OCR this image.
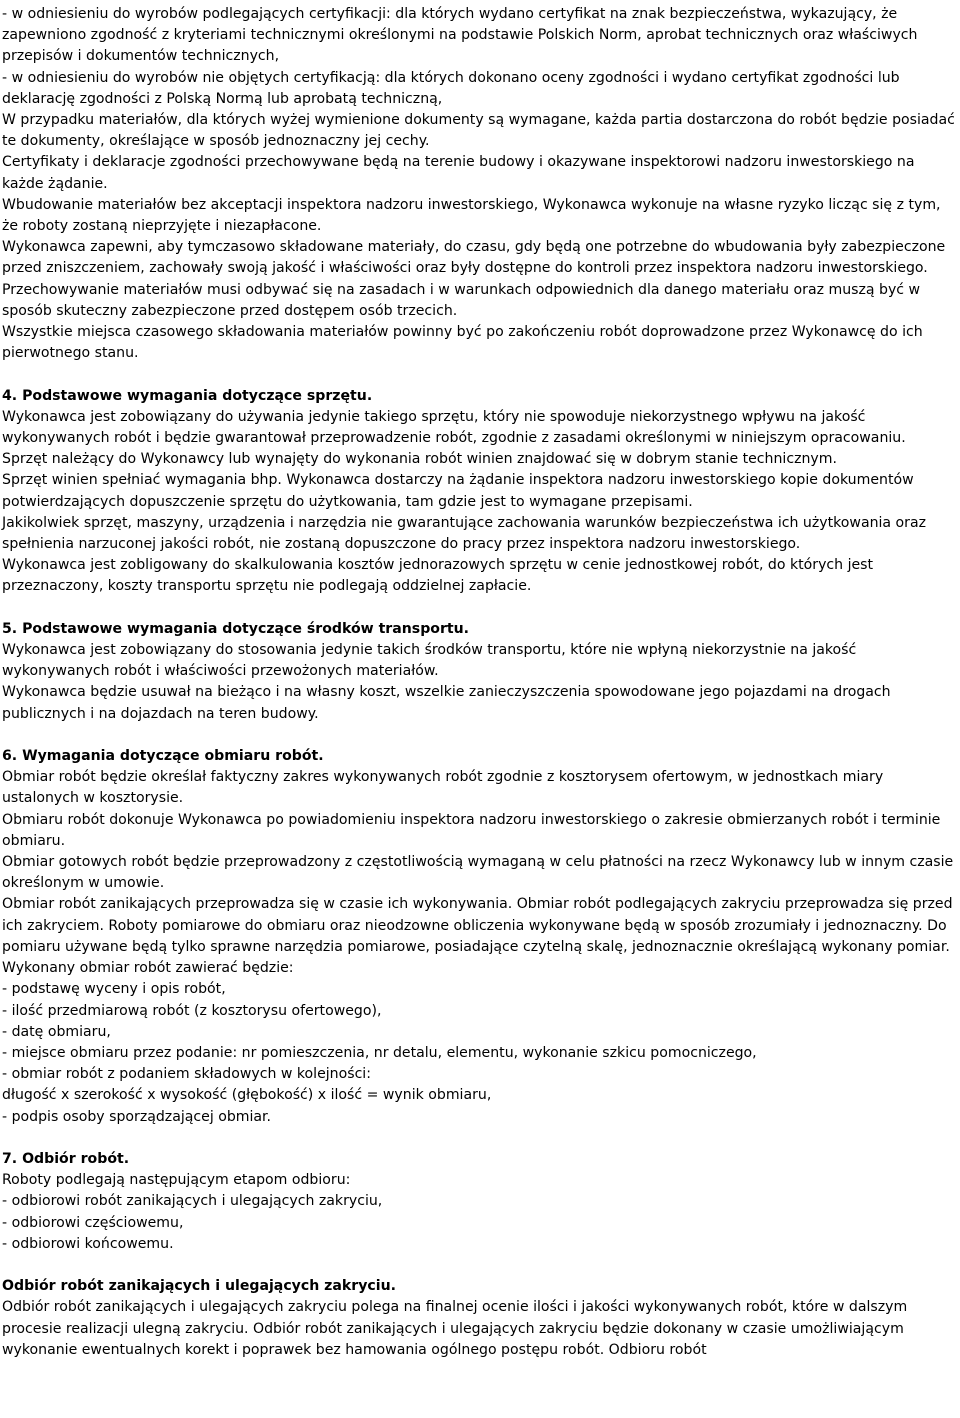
- w odniesieniu do wyrobów podlegających certyfikacji: dla których wydano certyfikat na znak bezpieczeństwa, wykazujący, że zapewniono zgodność z kryteriami technicznymi określonymi na podstawie Polskich Norm, aprobat technicznych oraz właściwych przepisów i dokumentów technicznych,
- w odniesieniu do wyrobów nie objętych certyfikacją: dla których dokonano oceny zgodności i wydano certyfikat zgodności lub deklarację zgodności z Polską Normą lub aprobatą techniczną,
W przypadku materiałów, dla których wyżej wymienione dokumenty są wymagane, każda partia dostarczona do robót będzie posiadać te dokumenty, określające w sposób jednoznaczny jej cechy.
Certyfikaty i deklaracje zgodności przechowywane będą na terenie budowy i okazywane inspektorowi nadzoru inwestorskiego na każde żądanie.
Wbudowanie materiałów bez akceptacji inspektora nadzoru inwestorskiego, Wykonawca wykonuje na własne ryzyko licząc się z tym, że roboty zostaną nieprzyjęte i niezapłacone.
Wykonawca zapewni, aby tymczasowo składowane materiały, do czasu, gdy będą one potrzebne do wbudowania były zabezpieczone przed zniszczeniem, zachowały swoją jakość i właściwości oraz były dostępne do kontroli przez inspektora nadzoru inwestorskiego. Przechowywanie materiałów musi odbywać się na zasadach i w warunkach odpowiednich dla danego materiału oraz muszą być w sposób skuteczny zabezpieczone przed dostępem osób trzecich.
Wszystkie miejsca czasowego składowania materiałów powinny być po zakończeniu robót doprowadzone przez Wykonawcę do ich pierwotnego stanu.
4. Podstawowe wymagania dotyczące sprzętu.
Wykonawca jest zobowiązany do używania jedynie takiego sprzętu, który nie spowoduje niekorzystnego wpływu na jakość wykonywanych robót i będzie gwarantował przeprowadzenie robót, zgodnie z zasadami określonymi w niniejszym opracowaniu.
Sprzęt należący do Wykonawcy lub wynajęty do wykonania robót winien znajdować się w dobrym stanie technicznym.
Sprzęt winien spełniać wymagania bhp. Wykonawca dostarczy na żądanie inspektora nadzoru inwestorskiego kopie dokumentów potwierdzających dopuszczenie sprzętu do użytkowania, tam gdzie jest to wymagane przepisami.
Jakikolwiek sprzęt, maszyny, urządzenia i narzędzia nie gwarantujące zachowania warunków bezpieczeństwa ich użytkowania oraz spełnienia narzuconej jakości robót, nie zostaną dopuszczone do pracy przez inspektora nadzoru inwestorskiego.
Wykonawca jest zobligowany do skalkulowania kosztów jednorazowych sprzętu w cenie jednostkowej robót, do których jest przeznaczony, koszty transportu sprzętu nie podlegają oddzielnej zapłacie.
5. Podstawowe wymagania dotyczące środków transportu.
Wykonawca jest zobowiązany do stosowania jedynie takich środków transportu, które nie wpłyną niekorzystnie na jakość wykonywanych robót i właściwości przewożonych materiałów.
Wykonawca będzie usuwał na bieżąco i na własny koszt, wszelkie zanieczyszczenia spowodowane jego pojazdami na drogach publicznych i na dojazdach na teren budowy.
6. Wymagania dotyczące obmiaru robót.
Obmiar robót będzie określał faktyczny zakres wykonywanych robót zgodnie z kosztorysem ofertowym, w jednostkach miary ustalonych w kosztorysie.
Obmiaru robót dokonuje Wykonawca po powiadomieniu inspektora nadzoru inwestorskiego o zakresie obmierzanych robót i terminie obmiaru.
Obmiar gotowych robót będzie przeprowadzony z częstotliwością wymaganą w celu płatności na rzecz Wykonawcy lub w innym czasie określonym w umowie.
Obmiar robót zanikających przeprowadza się w czasie ich wykonywania. Obmiar robót podlegających zakryciu przeprowadza się przed ich zakryciem. Roboty pomiarowe do obmiaru oraz nieodzowne obliczenia wykonywane będą w sposób zrozumiały i jednoznaczny. Do pomiaru używane będą tylko sprawne narzędzia pomiarowe, posiadające czytelną skalę, jednoznacznie określającą wykonany pomiar.
Wykonany obmiar robót zawierać będzie:
- podstawę wyceny i opis robót,
- ilość przedmiarową robót (z kosztorysu ofertowego),
- datę obmiaru,
- miejsce obmiaru przez podanie: nr pomieszczenia, nr detalu, elementu, wykonanie szkicu pomocniczego,
- obmiar robót z podaniem składowych w kolejności:
długość x szerokość x wysokość (głębokość) x ilość = wynik obmiaru,
- podpis osoby sporządzającej obmiar.
7. Odbiór robót.
Roboty podlegają następującym etapom odbioru:
- odbiorowi robót zanikających i ulegających zakryciu,
- odbiorowi częściowemu,
- odbiorowi końcowemu.
Odbiór robót zanikających i ulegających zakryciu.
Odbiór robót zanikających i ulegających zakryciu polega na finalnej ocenie ilości i jakości wykonywanych robót, które w dalszym procesie realizacji ulegną zakryciu. Odbiór robót zanikających i ulegających zakryciu będzie dokonany w czasie umożliwiającym wykonanie ewentualnych korekt i poprawek bez hamowania ogólnego postępu robót. Odbioru robót
